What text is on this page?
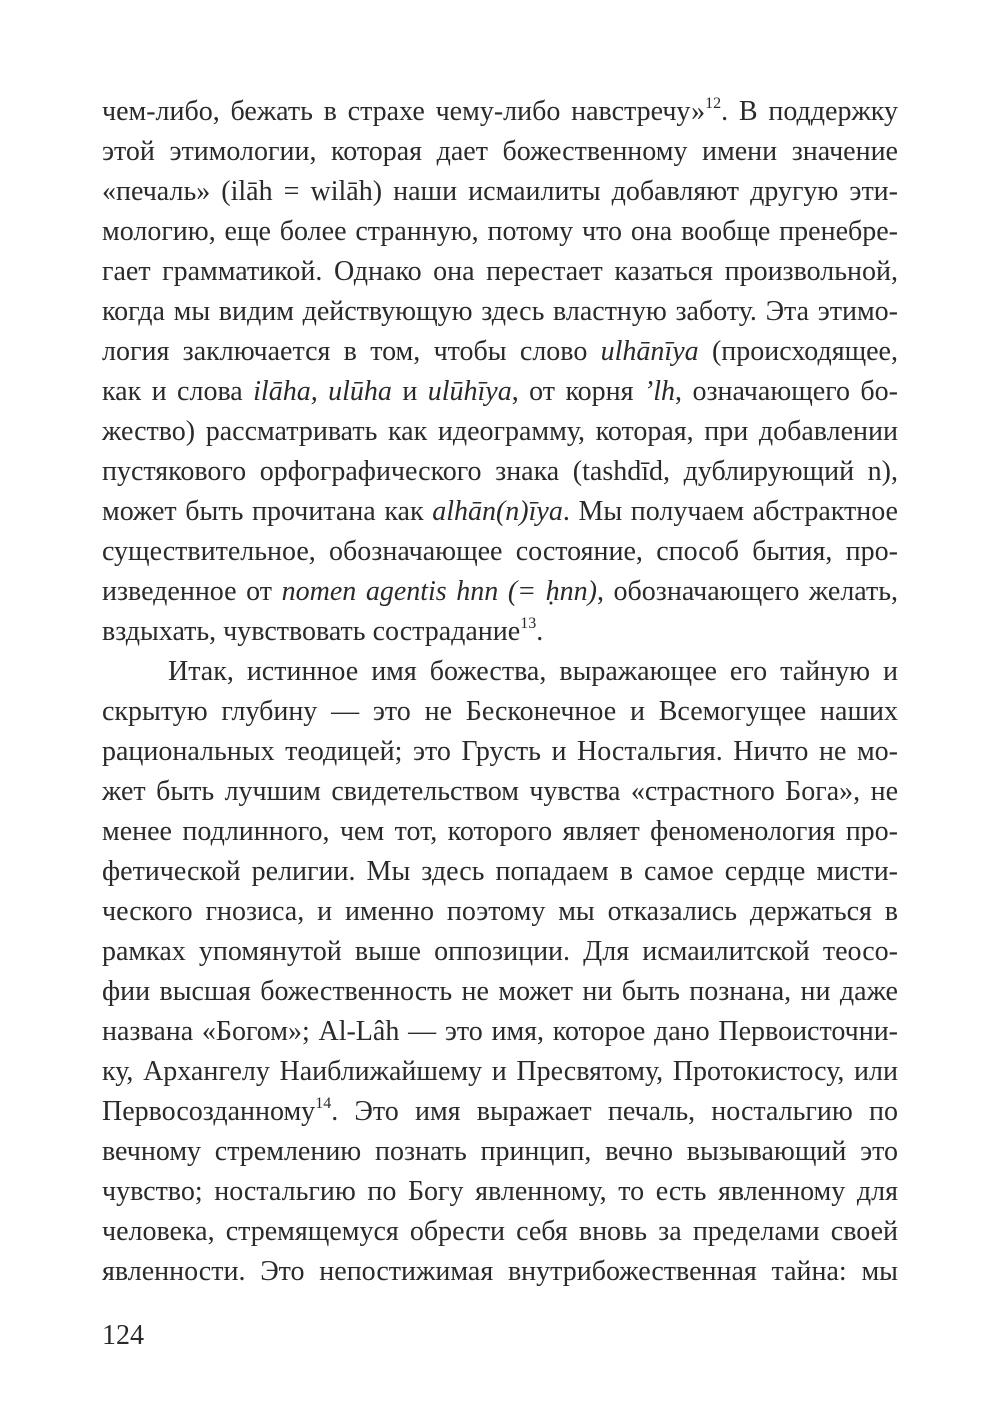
чем-либо, бежать в страхе чему-либо навстречу»$^{12}$. В поддержку
этой этимологии, которая дает божественному имени значение
«печаль» (ilāh = wilāh) наши исмаилиты добавляют другую эти-
мологию, еще более странную, потому что она вообще пренебре-
гает грамматикой. Однако она перестает казаться произвольной,
когда мы видим действующую здесь властную заботу. Эта этимо-
логия заключается в том, чтобы слово ulhānīya (происходящее,
как и слова ilāha, ulūha и ulūhīya, от корня ’lh, означающего бо-
жество) рассматривать как идеограмму, которая, при добавлении
пустякового орфографического знака (tashdīd, дублирующий n),
может быть прочитана как alhān(n)īya. Мы получаем абстрактное
существительное, обозначающее состояние, способ бытия, про-
изведенное от nomen agentis hnn (= ḥnn), обозначающего желать,
вздыхать, чувствовать сострадание$^{13}$.
Итак, истинное имя божества, выражающее его тайную и
скрытую глубину — это не Бесконечное и Всемогущее наших
рациональных теодицей; это Грусть и Ностальгия. Ничто не мо-
жет быть лучшим свидетельством чувства «страстного Бога», не
менее подлинного, чем тот, которого являет феноменология про-
фетической религии. Мы здесь попадаем в самое сердце мисти-
ческого гнозиса, и именно поэтому мы отказались держаться в
рамках упомянутой выше оппозиции. Для исмаилитской теосо-
фии высшая божественность не может ни быть познана, ни даже
названа «Богом»; Al-Lâh — это имя, которое дано Первоисточни-
ку, Архангелу Наиближайшему и Пресвятому, Протокистосу, или
Первосозданному$^{14}$. Это имя выражает печаль, ностальгию по
вечному стремлению познать принцип, вечно вызывающий это
чувство; ностальгию по Богу явленному, то есть явленному для
человека, стремящемуся обрести себя вновь за пределами своей
явленности. Это непостижимая внутрибожественная тайна: мы
124
